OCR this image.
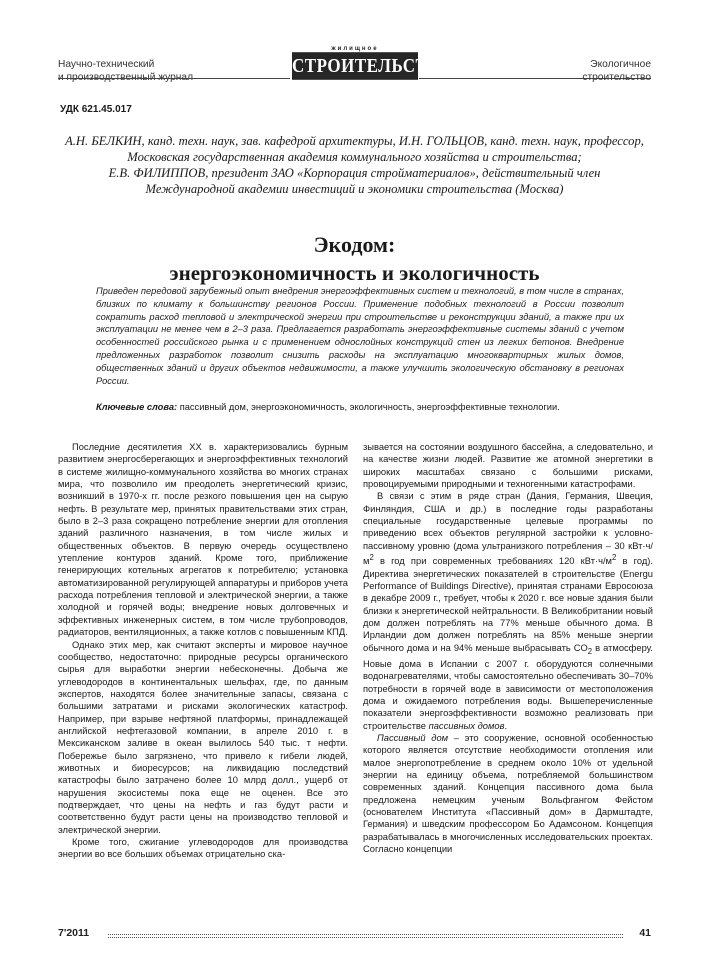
Научно-технический
жилищное
СТРОИТЕЛЬСТВО	Экологичное
строительство
УДК 621.45.017
А.Н. БЕЛКИН, канд. техн. наук, зав. кафедрой архитектуры, И.Н. ГОЛЬЦОВ, канд. техн. наук, профессор,
Московская государственная академия коммунального хозяйства и строительства;
Е.В. ФИЛИППОВ, президент ЗАО «Корпорация стройматериалов», действительный член
Международной академии инвестиций и экономики строительства (Москва)
Экодом:
энергоэкономичность и экологичность
Приведен передовой зарубежный опыт внедрения энергоэффективных систем и технологий, в том числе в странах, близких по климату к большинству регионов России. Применение подобных технологий в России позволит сократить расход тепловой и электрической энергии при строительстве и реконструкции зданий, а также при их эксплуатации не менее чем в 2–3 раза. Предлагается разработать энергоэффективные системы зданий с учетом особенностей российского рынка и с применением однослойных конструкций стен из легких бетонов. Внедрение предложенных разработок позволит снизить расходы на эксплуатацию многоквартирных жилых домов, общественных зданий и других объектов недвижимости, а также улучшить экологическую обстановку в регионах России.
Ключевые слова: пассивный дом, энергоэкономичность, экологичность, энергоэффективные технологии.

Последние десятилетия XX в. характеризовались бурным развитием энергосберегающих и энергоэффективных технологий в системе жилищно-коммунального хозяйства во многих странах мира, что позволило им преодолеть энергетический кризис, возникший в 1970-х гг. после резкого повышения цен на сырую нефть. В результате мер, принятых правительствами этих стран, было в 2–3 раза сокращено потребление энергии для отопления зданий различного назначения, в том числе жилых и общественных объектов. В первую очередь осуществлено утепление контуров зданий. Кроме того, приближение генерирующих котельных агрегатов к потребителю; установка автоматизированной регулирующей аппаратуры и приборов учета расхода потребления тепловой и электрической энергии, а также холодной и горячей воды; внедрение новых долговечных и эффективных инженерных систем, в том числе трубопроводов, радиаторов, вентиляционных, а также котлов с повышенным КПД.

Однако этих мер, как считают эксперты и мировое научное сообщество, недостаточно: природные ресурсы органического сырья для выработки энергии небесконечны. Добыча же углеводородов в континентальных шельфах, где, по данным экспертов, находятся более значительные запасы, связана с большими затратами и рисками экологических катастроф. Например, при взрыве нефтяной платформы, принадлежащей английской нефтегазовой компании, в апреле 2010 г. в Мексиканском заливе в океан вылилось 540 тыс. т нефти. Побережье было загрязнено, что привело к гибели людей, животных и биоресурсов; на ликвидацию последствий катастрофы было затрачено более 10 млрд долл., ущерб от нарушения экосистемы пока еще не оценен. Все это подтверждает, что цены на нефть и газ будут расти и соответственно будут расти цены на производство тепловой и электрической энергии.

Кроме того, сжигание углеводородов для производства энергии во все больших объемах отрицательно ска-

зывается на состоянии воздушного бассейна, а следовательно, и на качестве жизни людей. Развитие же атомной энергетики в широких масштабах связано с большими рисками, провоцируемыми природными и техногенными катастрофами.

В связи с этим в ряде стран (Дания, Германия, Швеция, Финляндия, США и др.) в последние годы разработаны специальные государственные целевые программы по приведению всех объектов регулярной застройки к условно-пассивному уровню (дома ультранизкого потребления – 30 $кВт\cdot ч/м^2$ в год при современных требованиях 120 $кВт\cdot ч/м^2$ в год). Директива энергетических показателей в строительстве (Energu Performance of Buildings Directive), принятая странами Евросоюза в декабре 2009 г., требует, чтобы к 2020 г. все новые здания были близки к энергетической нейтральности. В Великобритании новый дом должен потреблять на 77% меньше обычного дома. В Ирландии дом должен потреблять на 85% меньше энергии обычного дома и на 94% меньше выбрасывать $CO_2$ в атмосферу. Новые дома в Испании с 2007 г. оборудуются солнечными водонагревателями, чтобы самостоятельно обеспечивать 30–70% потребности в горячей воде в зависимости от местоположения дома и ожидаемого потребления воды. Вышеперечисленные показатели энергоэффективности возможно реализовать при строительстве пассивных домов.

Пассивный дом – это сооружение, основной особенностью которого является отсутствие необходимости отопления или малое энергопотребление в среднем около 10% от удельной энергии на единицу объема, потребляемой большинством современных зданий. Концепция пассивного дома была предложена немецким ученым Вольфгангом Фейстом (основателем Института «Пассивный дом» в Дармштадте, Германия) и шведским профессором Бо Адамсоном. Концепция разрабатывалась в многочисленных исследовательских проектах. Согласно концепции

7'2011	41
